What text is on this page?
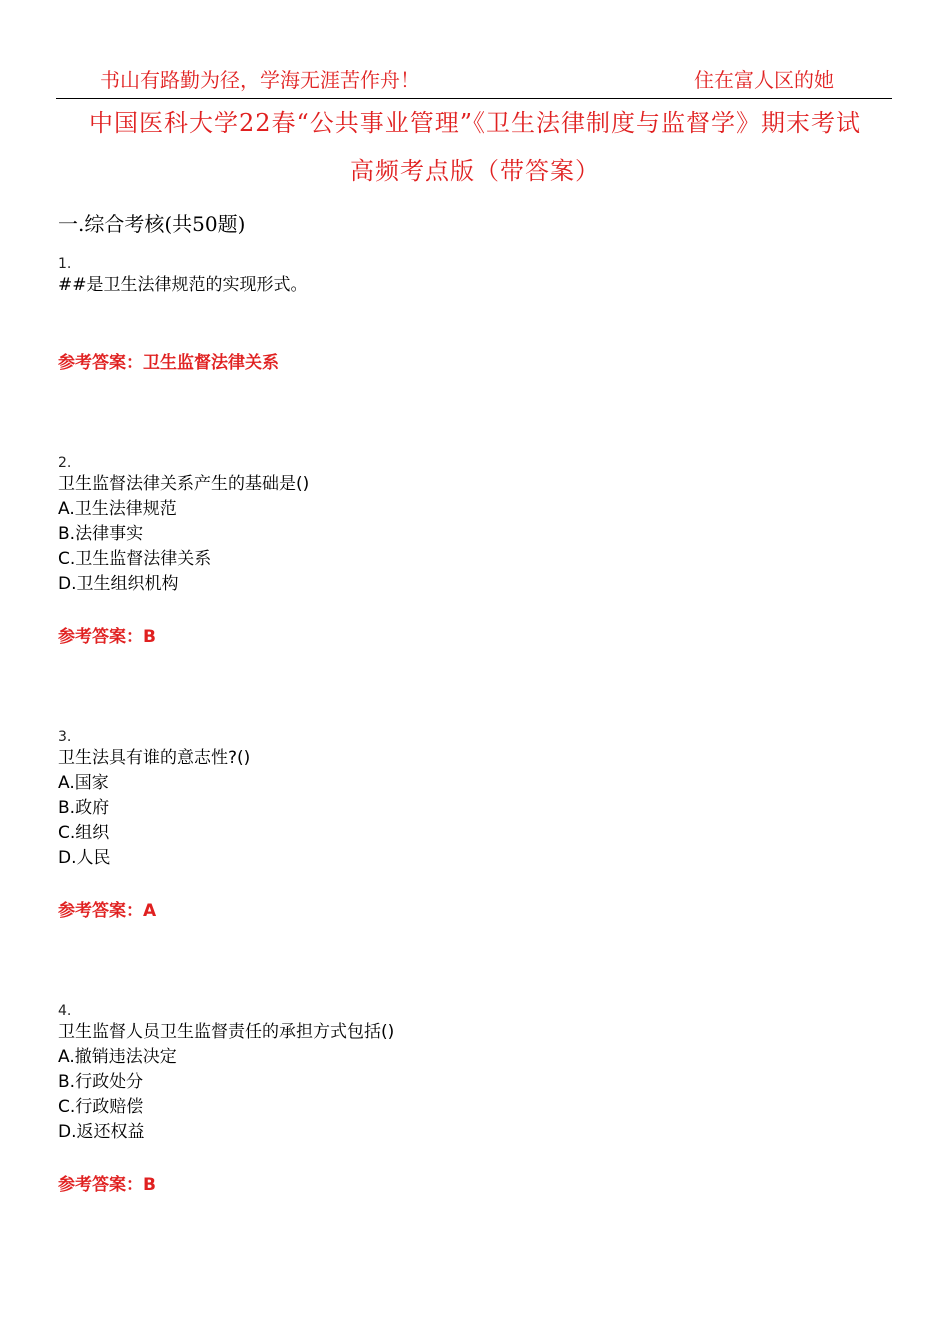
书山有路勤为径，学海无涯苦作舟！	住在富人区的她
中国医科大学22春“公共事业管理”《卫生法律制度与监督学》期末考试
高频考点版（带答案）
一.综合考核(共50题)
1.
##是卫生法律规范的实现形式。
参考答案：卫生监督法律关系
2.
卫生监督法律关系产生的基础是()
A.卫生法律规范
B.法律事实
C.卫生监督法律关系
D.卫生组织机构
参考答案：B
3.
卫生法具有谁的意志性?()
A.国家
B.政府
C.组织
D.人民
参考答案：A
4.
卫生监督人员卫生监督责任的承担方式包括()
A.撤销违法决定
B.行政处分
C.行政赔偿
D.返还权益
参考答案：B
